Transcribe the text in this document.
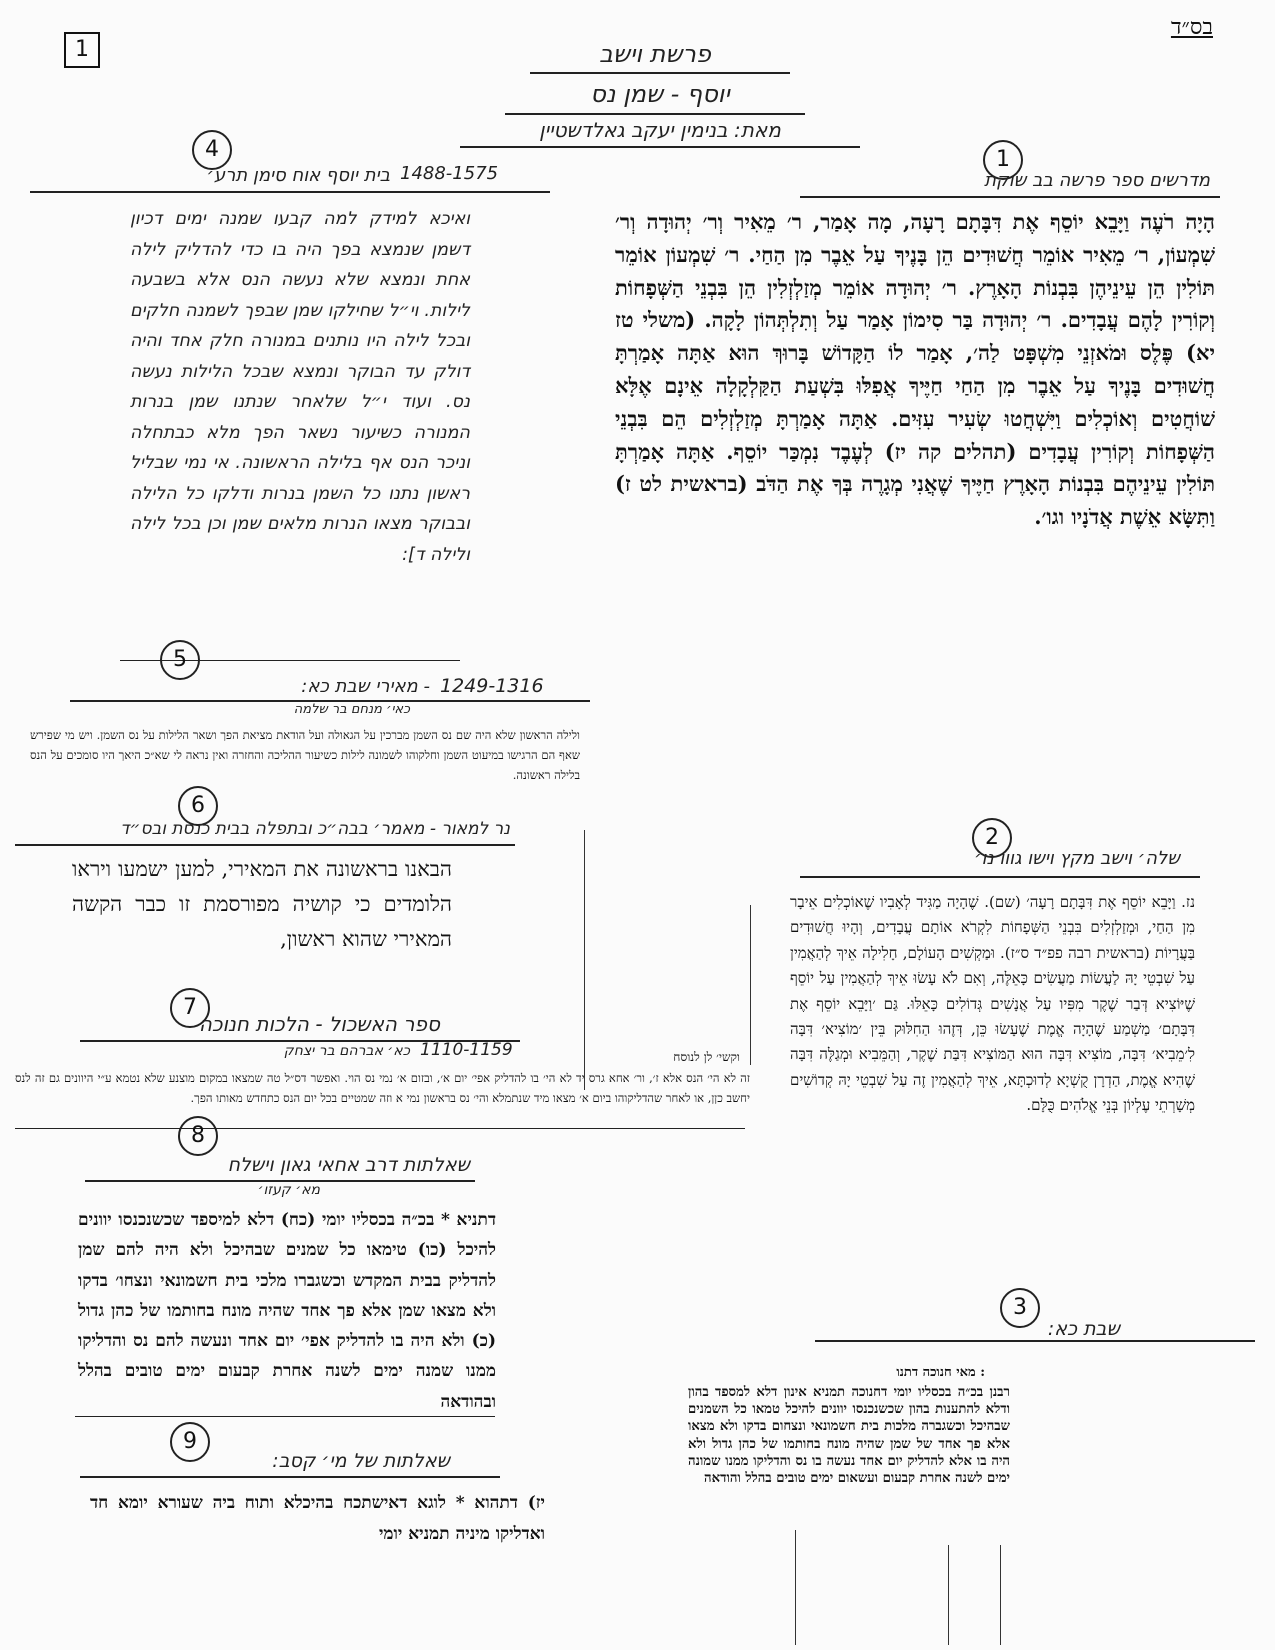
1
בס״ד
פרשת וישב
יוסף - שמן נס
מאת: בנימין יעקב גאלדשטיין
1
מדרשים ספר פרשה בב שוקת
הָיָה רֹעֶה וַיָּבֵא יוֹסֵף אֶת דִּבָּתָם רָעָה, מָה אָמַר, ר׳ מֵאִיר וְר׳ יְהוּדָה וְר׳ שִׁמְעוֹן, ר׳ מֵאִיר אוֹמֵר חֲשׁוּדִים הֵן בָּנֶיךָ עַל אֵבֶר מִן הַחַי. ר׳ שִׁמְעוֹן אוֹמֵר תּוֹלִין הֵן עֵינֵיהֶן בִּבְנוֹת הָאָרֶץ. ר׳ יְהוּדָה אוֹמֵר מְזַלְזְלִין הֵן בִּבְנֵי הַשְּׁפָחוֹת וְקוֹרִין לָהֶם עֲבָדִים. ר׳ יְהוּדָה בַּר סִימוֹן אָמַר עַל וְתִלְתְּהוֹן לָקָה. (משלי טז יא) פֶּלֶס וּמֹאזְנֵי מִשְׁפָּט לַה׳, אָמַר לוֹ הַקָּדוֹשׁ בָּרוּךְ הוּא אַתָּה אָמַרְתָּ חֲשׁוּדִים בָּנֶיךָ עַל אֵבֶר מִן הַחַי חַיֶּיךָ אֲפִלּוּ בִּשְׁעַת הַקַּלְקָלָה אֵינָם אֶלָּא שׁוֹחֲטִים וְאוֹכְלִים וַיִּשְׁחֲטוּ שְׂעִיר עִזִּים. אַתָּה אָמַרְתָּ מְזַלְזְלִים הֵם בִּבְנֵי הַשְּׁפָחוֹת וְקוֹרִין עֲבָדִים (תהלים קה יז) לְעֶבֶד נִמְכַּר יוֹסֵף. אַתָּה אָמַרְתָּ תּוֹלִין עֵינֵיהֶם בִּבְנוֹת הָאָרֶץ חַיֶּיךָ שֶׁאֲנִי מְגָרֶה בְּךָ אֶת הַדֹּב (בראשית לט ז) וַתִּשָּׂא אֵשֶׁת אֲדֹנָיו וגו׳.
4
1488-1575
בית יוסף אוח סימן תרע׳
ואיכא למידק למה קבעו שמנה ימים דכיון דשמן שנמצא בפך היה בו כדי להדליק לילה אחת ונמצא שלא נעשה הנס אלא בשבעה לילות. וי״ל שחילקו שמן שבפך לשמנה חלקים ובכל לילה היו נותנים במנורה חלק אחד והיה דולק עד הבוקר ונמצא שבכל הלילות נעשה נס. ועוד י״ל שלאחר שנתנו שמן בנרות המנורה כשיעור נשאר הפך מלא כבתחלה וניכר הנס אף בלילה הראשונה. אי נמי שבליל ראשון נתנו כל השמן בנרות ודלקו כל הלילה ובבוקר מצאו הנרות מלאים שמן וכן בכל לילה ולילה ד]:
5
1249-1316
- מאירי שבת כא:
כאי׳ מנחם בר שלמה
ולילה הראשון שלא היה שם נס השמן מברכין על הגאולה ועל הודאת מציאת הפך ושאר הלילות על נס השמן. ויש מי שפירש שאף הם הרגישו במיעוט השמן וחלקוהו לשמונה לילות כשיעור ההליכה והחזרה ואין נראה לי שא״כ היאך היו סומכים על הנס בלילה ראשונה.
6
נר למאור - מאמר׳ בבה״כ ובתפלה בבית כנסת ובס״ד
הבאנו בראשונה את המאירי, למען ישמעו ויראו הלומדים כי קושיה מפורסמת זו כבר הקשה המאירי שהוא ראשון,
7
ספר האשכול - הלכות חנוכה
1110-1159
כא׳ אברהם בר יצחק	וקשי׳ לן לנוסח
זה לא הי׳ הנס אלא ז׳, ור׳ אחא גרס יד לא הי׳ בו להדליק אפי׳ יום א׳, ובזום א׳ נמי נס הוי. ואפשר דס״ל טה שמצאו במקום מוצנע שלא נטמא ע״י היוונים גם זה לנס יחשב כןן, או לאחר שהדליקוהו ביום א׳ מצאו מיד שנתמלא והי׳ נס בראשון נמי א וזה שמטיים בכל יום הנס כתחדש מאותו הפך.
8
שאלתות דרב אחאי גאון וישלח
מא׳ קעזו׳
דתניא * בכ״ה בכסליו יומי (כח) דלא למיספד שכשנכנסו יוונים להיכל (כו) טימאו כל שמנים שבהיכל ולא היה להם שמן להדליק בבית המקדש וכשגברו מלכי בית חשמונאי ונצחו׳ בדקו ולא מצאו שמן אלא פך אחד שהיה מונח בחותמו של כהן גדול (כ) ולא היה בו להדליק אפי׳ יום אחד ונעשה להם נס והדליקו ממנו שמנה ימים לשנה אחרת קבעום ימים טובים בהלל ובהודאה
9
שאלתות של מי׳ קסב:
יז) דתהוא * לוגא דאישתכח בהיכלא ותוח ביה שעורא יומא חד ואדליקו מיניה תמניא יומי
2
שלה׳ וישב מקץ וישו גווו נו׳
נז. וַיָּבֵא יוֹסֵף אֶת דִּבָּתָם רָעָה׳ (שם). שֶׁהָיָה מַגִּיד לְאָבִיו שֶׁאוֹכְלִים אֵיבָר מִן הַחַי, וּמְזַלְזְלִים בִּבְנֵי הַשְּׁפָחוֹת לִקְרֹא אוֹתָם עֲבָדִים, וְהָיוּ חֲשׁוּדִים בַּעֲרָיוֹת (בראשית רבה פפ״ד ס״ז). וּמַקְשִׁים הָעוֹלָם, חָלִילָה אֵיךְ לְהַאֲמִין עַל שִׁבְטֵי יָהּ לַעֲשׂוֹת מַעֲשִׂים כָּאֵלֶּה, וְאִם לֹא עָשׂוּ אֵיךְ לְהַאֲמִין עַל יוֹסֵף שֶׁיּוֹצִיא דְּבַר שֶׁקֶר מִפִּיו עַל אֲנָשִׁים גְּדוֹלִים כָּאֵלּוּ. גַּם ׳וַיָּבֵא יוֹסֵף אֶת דִּבָּתָם׳ מַשְׁמַע שֶׁהָיָה אֱמֶת שֶׁעָשׂוּ כֵּן, דְּזֶהוּ הַחִלּוּק בֵּין ׳מוֹצִיא׳ דִּבָּה לִ׳מֵבִיא׳ דִּבָּה, מוֹצִיא דִּבָּה הוּא הַמּוֹצִיא דִּבַּת שֶׁקֶר, וְהַמֵּבִיא וּמְגַלֶּה דִּבָּה שֶׁהִיא אֱמֶת, הַדְרָן קֻשְׁיָא לְדוּכְתָּא, אֵיךְ לְהַאֲמִין זֶה עַל שִׁבְטֵי יָהּ קְדוֹשִׁים מְשָׁרְתֵי עֶלְיוֹן בְּנֵי אֱלֹהִים כֻּלָּם.
3
שבת כא:
: מאי חנוכה דתנו
רבנן בכ״ה בכסליו יומי דחנוכה תמניא אינון דלא למספד בהון ודלא להתענות בהון שכשנכנסו יוונים להיכל טמאו כל השמנים שבהיכל וכשגברה מלכות בית חשמונאי ונצחום בדקו ולא מצאו אלא פך אחד של שמן שהיה מונח בחותמו של כהן גדול ולא היה בו אלא להדליק יום אחד נעשה בו נס והדליקו ממנו שמונה ימים לשנה אחרת קבעום ועשאום ימים טובים בהלל והודאה
